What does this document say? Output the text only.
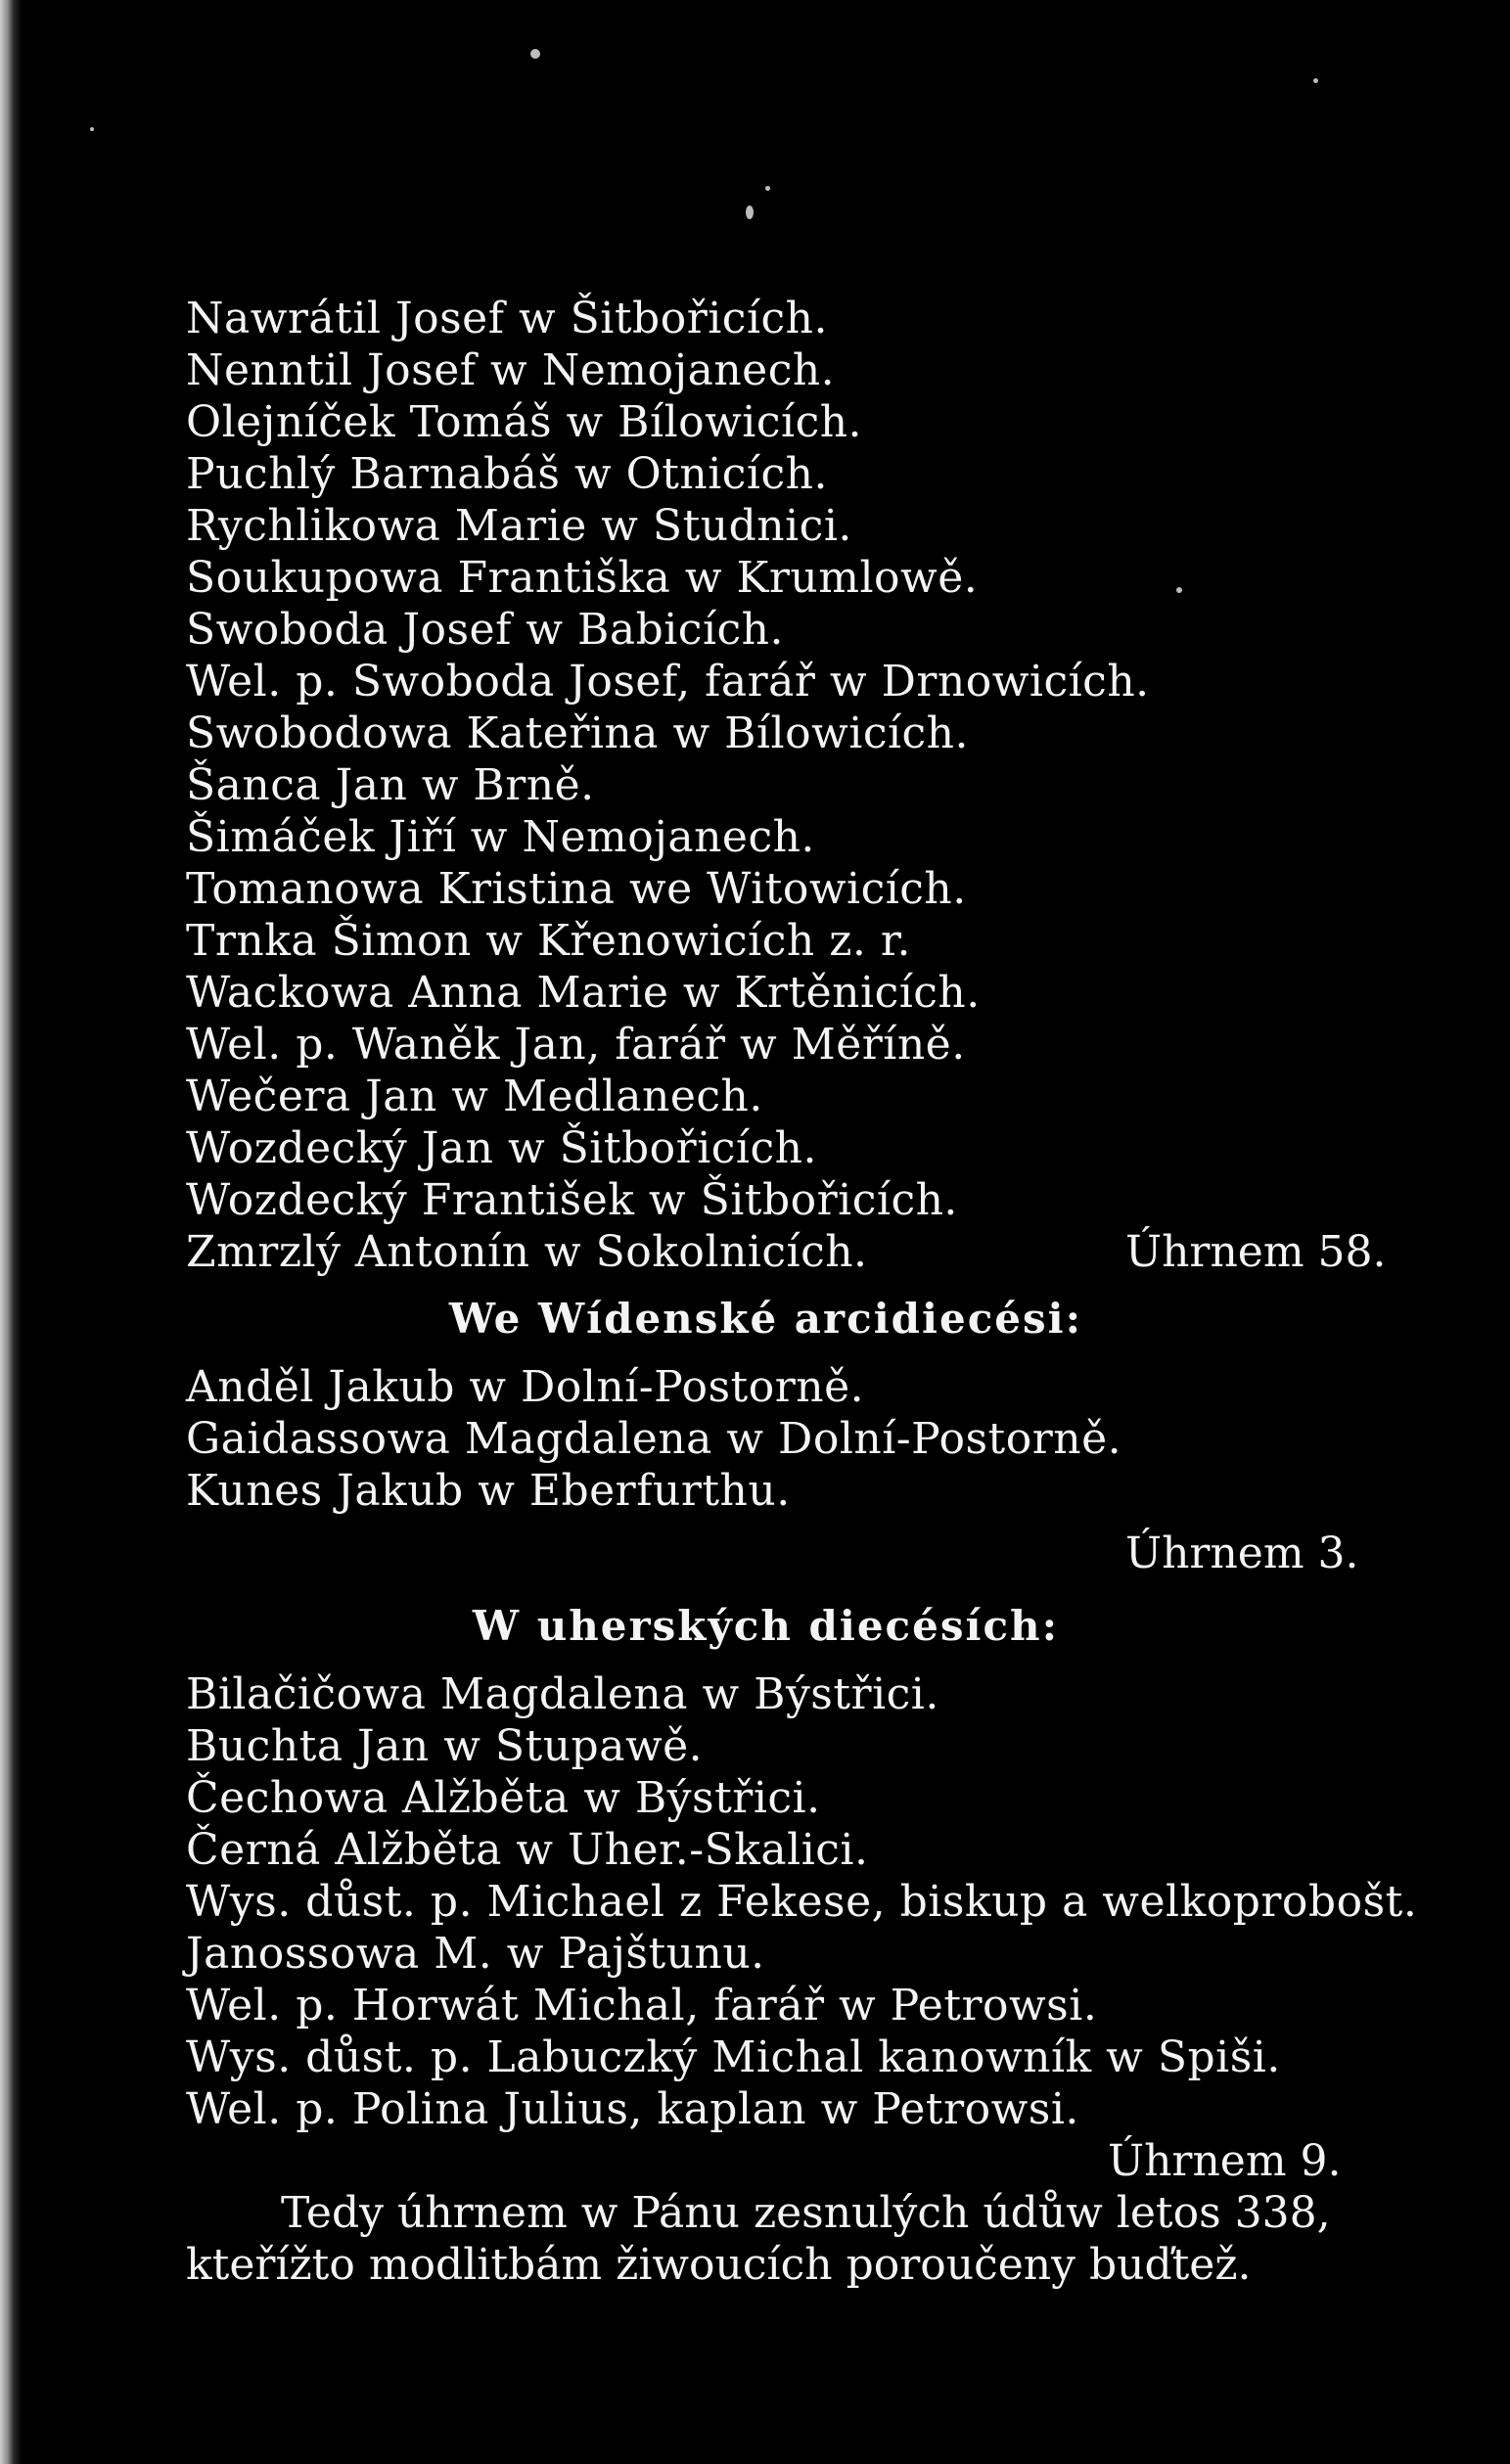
Nawrátil Josef w Šitbořicích.
Nenntil Josef w Nemojanech.
Olejníček Tomáš w Bílowicích.
Puchlý Barnabáš w Otnicích.
Rychlikowa Marie w Studnici.
Soukupowa Františka w Krumlowě.
Swoboda Josef w Babicích.
Wel. p. Swoboda Josef, farář w Drnowicích.
Swobodowa Kateřina w Bílowicích.
Šanca Jan w Brně.
Šimáček Jiří w Nemojanech.
Tomanowa Kristina we Witowicích.
Trnka Šimon w Křenowicích z. r.
Wackowa Anna Marie w Krtěnicích.
Wel. p. Waněk Jan, farář w Měříně.
Wečera Jan w Medlanech.
Wozdecký Jan w Šitbořicích.
Wozdecký František w Šitbořicích.
Zmrzlý Antonín w Sokolnicích.	Úhrnem 58.
We Wídenské arcidiecési:
Anděl Jakub w Dolní-Postorně.
Gaidassowa Magdalena w Dolní-Postorně.
Kunes Jakub w Eberfurthu.
Úhrnem 3.
W uherských diecésích:
Bilačičowa Magdalena w Býstřici.
Buchta Jan w Stupawě.
Čechowa Alžběta w Býstřici.
Černá Alžběta w Uher.-Skalici.
Wys. důst. p. Michael z Fekese, biskup a welkoprobošt.
Janossowa M. w Pajštunu.
Wel. p. Horwát Michal, farář w Petrowsi.
Wys. důst. p. Labuczký Michal kanowník w Spiši.
Wel. p. Polina Julius, kaplan w Petrowsi.
Úhrnem 9.
Tedy úhrnem w Pánu zesnulých údůw letos 338,
kteřížto modlitbám žiwoucích poroučeny buďtež.
